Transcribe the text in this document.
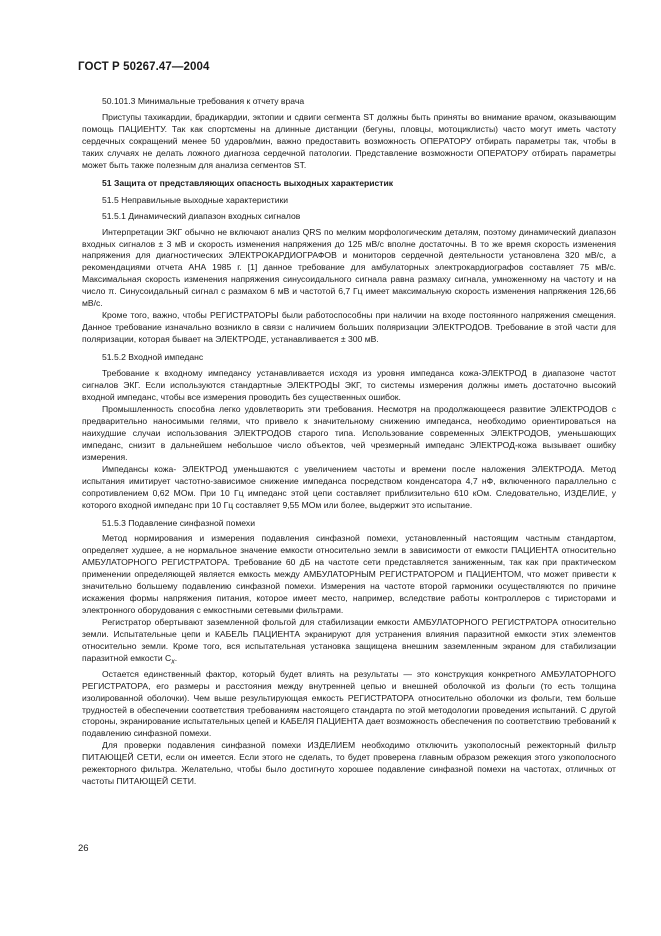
ГОСТ Р 50267.47—2004

50.101.3 Минимальные требования к отчету врача

Приступы тахикардии, брадикардии, эктопии и сдвиги сегмента ST должны быть приняты во внимание врачом, оказывающим помощь ПАЦИЕНТУ. Так как спортсмены на длинные дистанции (бегуны, пловцы, мотоциклисты) часто могут иметь частоту сердечных сокращений менее 50 ударов/мин, важно предоставить возможность ОПЕРАТОРУ отбирать параметры так, чтобы в таких случаях не делать ложного диагноза сердечной патологии. Представление возможности ОПЕРАТОРУ отбирать параметры может быть также полезным для анализа сегментов ST.

51 Защита от представляющих опасность выходных характеристик

51.5 Неправильные выходные характеристики

51.5.1 Динамический диапазон входных сигналов

Интерпретации ЭКГ обычно не включают анализ QRS по мелким морфологическим деталям, поэтому динамический диапазон входных сигналов ± 3 мВ и скорость изменения напряжения до 125 мВ/с вполне достаточны. В то же время скорость изменения напряжения для диагностических ЭЛЕКТРОКАРДИОГРАФОВ и мониторов сердечной деятельности установлена 320 мВ/с, а рекомендациями отчета АНА 1985 г. [1] данное требование для амбулаторных электрокардиографов составляет 75 мВ/с. Максимальная скорость изменения напряжения синусоидального сигнала равна размаху сигнала, умноженному на частоту и на число π. Синусоидальный сигнал с размахом 6 мВ и частотой 6,7 Гц имеет максимальную скорость изменения напряжения 126,66 мВ/с.

Кроме того, важно, чтобы РЕГИСТРАТОРЫ были работоспособны при наличии на входе постоянного напряжения смещения. Данное требование изначально возникло в связи с наличием больших поляризации ЭЛЕКТРОДОВ. Требование в этой части для поляризации, которая бывает на ЭЛЕКТРОДЕ, устанавливается ± 300 мВ.

51.5.2 Входной импеданс

Требование к входному импедансу устанавливается исходя из уровня импеданса кожа-ЭЛЕКТРОД в диапазоне частот сигналов ЭКГ. Если используются стандартные ЭЛЕКТРОДЫ ЭКГ, то системы измерения должны иметь достаточно высокий входной импеданс, чтобы все измерения проводить без существенных ошибок.

Промышленность способна легко удовлетворить эти требования. Несмотря на продолжающееся развитие ЭЛЕКТРОДОВ с предварительно наносимыми гелями, что привело к значительному снижению импеданса, необходимо ориентироваться на наихудшие случаи использования ЭЛЕКТРОДОВ старого типа. Использование современных ЭЛЕКТРОДОВ, уменьшающих импеданс, снизит в дальнейшем небольшое число объектов, чей чрезмерный импеданс ЭЛЕКТРОД-кожа вызывает ошибку измерения.

Импедансы кожа- ЭЛЕКТРОД уменьшаются с увеличением частоты и времени после наложения ЭЛЕКТРОДА. Метод испытания имитирует частотно-зависимое снижение импеданса посредством конденсатора 4,7 нФ, включенного параллельно с сопротивлением 0,62 МОм. При 10 Гц импеданс этой цепи составляет приблизительно 610 кОм. Следовательно, ИЗДЕЛИЕ, у которого входной импеданс при 10 Гц составляет 9,55 МОм или более, выдержит это испытание.

51.5.3 Подавление синфазной помехи

Метод нормирования и измерения подавления синфазной помехи, установленный настоящим частным стандартом, определяет худшее, а не нормальное значение емкости относительно земли в зависимости от емкости ПАЦИЕНТА относительно АМБУЛАТОРНОГО РЕГИСТРАТОРА. Требование 60 дБ на частоте сети представляется заниженным, так как при практическом применении определяющей является емкость между АМБУЛАТОРНЫМ РЕГИСТРАТОРОМ и ПАЦИЕНТОМ, что может привести к значительно большему подавлению синфазной помехи. Измерения на частоте второй гармоники осуществляются по причине искажения формы напряжения питания, которое имеет место, например, вследствие работы контроллеров с тиристорами и электронного оборудования с емкостными сетевыми фильтрами.

Регистратор обертывают заземленной фольгой для стабилизации емкости АМБУЛАТОРНОГО РЕГИСТРАТОРА относительно земли. Испытательные цепи и КАБЕЛЬ ПАЦИЕНТА экранируют для устранения влияния паразитной емкости этих элементов относительно земли. Кроме того, вся испытательная установка защищена внешним заземленным экраном для стабилизации паразитной емкости $C_x$.

Остается единственный фактор, который будет влиять на результаты — это конструкция конкретного АМБУЛАТОРНОГО РЕГИСТРАТОРА, его размеры и расстояния между внутренней цепью и внешней оболочкой из фольги (то есть толщина изолированной оболочки). Чем выше результирующая емкость РЕГИСТРАТОРА относительно оболочки из фольги, тем больше трудностей в обеспечении соответствия требованиям настоящего стандарта по этой методологии проведения испытаний. С другой стороны, экранирование испытательных цепей и КАБЕЛЯ ПАЦИЕНТА дает возможность обеспечения по соответствию требований к подавлению синфазной помехи.

Для проверки подавления синфазной помехи ИЗДЕЛИЕМ необходимо отключить узкополосный режекторный фильтр ПИТАЮЩЕЙ СЕТИ, если он имеется. Если этого не сделать, то будет проверена главным образом режекция этого узкополосного режекторного фильтра. Желательно, чтобы было достигнуто хорошее подавление синфазной помехи на частотах, отличных от частоты ПИТАЮЩЕЙ СЕТИ.

26
